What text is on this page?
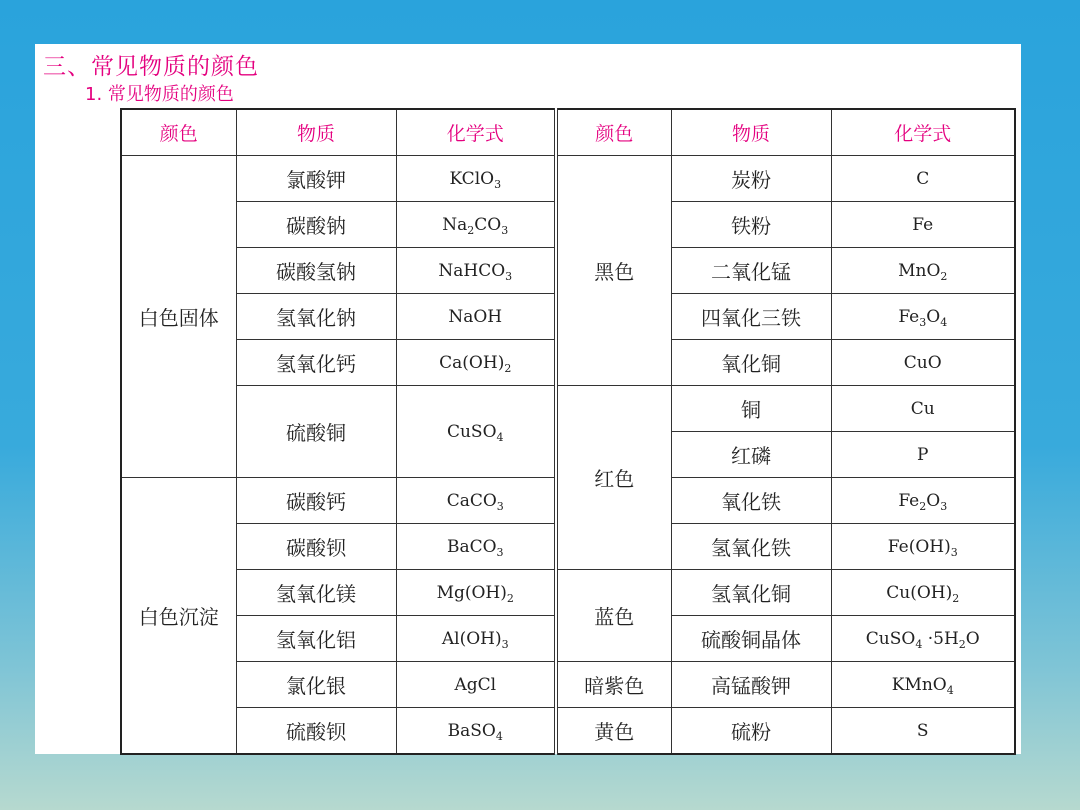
三、常见物质的颜色
1. 常见物质的颜色
颜色	物质	化学式	颜色	物质	化学式
白色固体	氯酸钾	KClO$_3$	黑色	炭粉	C
	碳酸钠	$Na_2CO_3$		铁粉	Fe
	碳酸氢钠	NaHCO$_3$		二氧化锰	MnO$_2$
	氢氧化钠	NaOH		四氧化三铁	$Fe_3O_4$
	氢氧化钙	$Ca(OH)_2$		氧化铜	CuO
	硫酸铜	CuSO$_4$	红色	铜	Cu
				红磷	P
白色沉淀	碳酸钙	CaCO$_3$		氧化铁	$Fe_2O_3$
	碳酸钡	BaCO$_3$		氢氧化铁	$Fe(OH)_3$
	氢氧化镁	$Mg(OH)_2$	蓝色	氢氧化铜	$Cu(OH)_2$
	氢氧化铝	$Al(OH)_3$		硫酸铜晶体	CuSO$_4$ $\cdot 5H_2O$
	氯化银	AgCl	暗紫色	高锰酸钾	KMnO$_4$
	硫酸钡	BaSO$_4$	黄色	硫粉	S
